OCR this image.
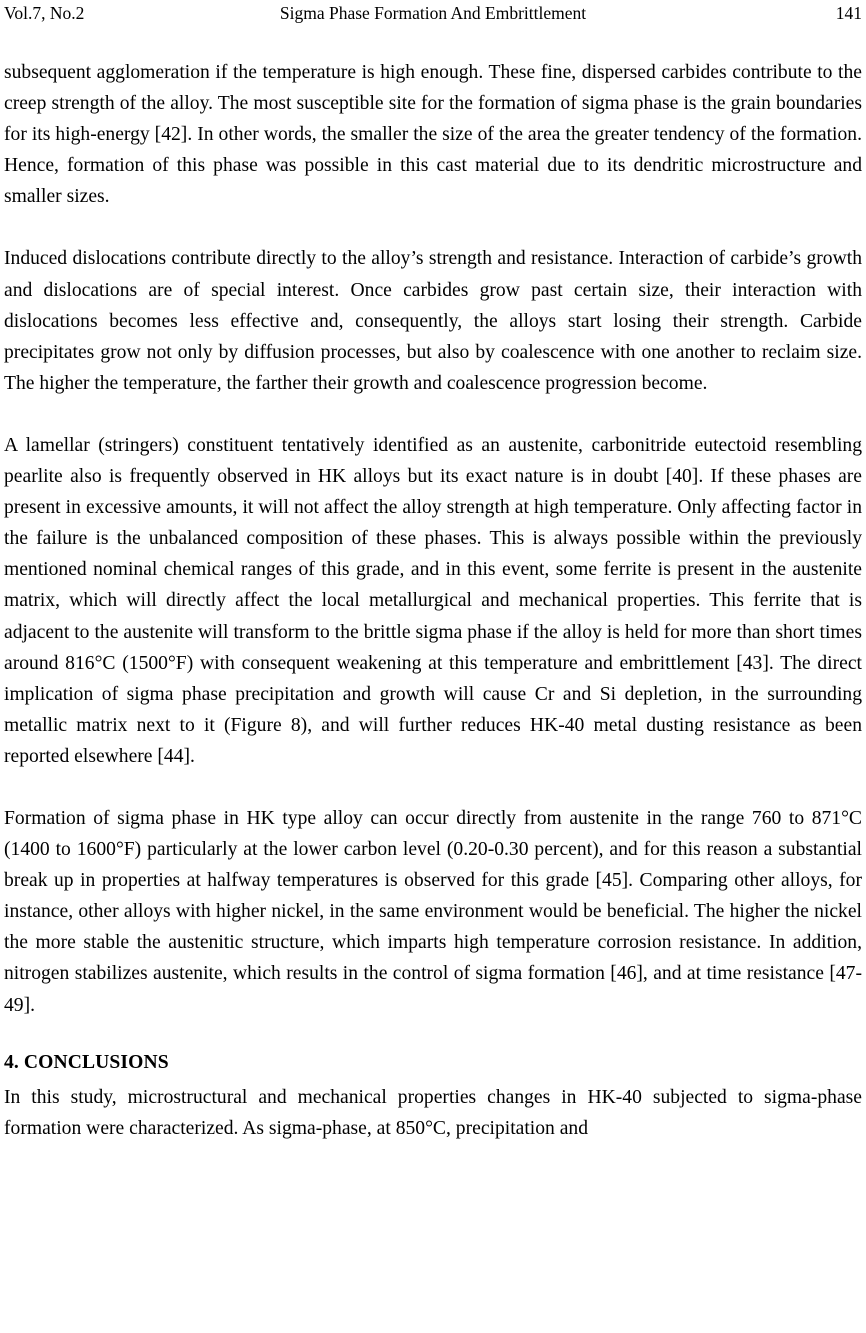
Vol.7, No.2	Sigma Phase Formation And Embrittlement	141

subsequent agglomeration if the temperature is high enough. These fine, dispersed carbides contribute to the creep strength of the alloy. The most susceptible site for the formation of sigma phase is the grain boundaries for its high-energy [42]. In other words, the smaller the size of the area the greater tendency of the formation. Hence, formation of this phase was possible in this cast material due to its dendritic microstructure and smaller sizes.

Induced dislocations contribute directly to the alloy’s strength and resistance. Interaction of carbide’s growth and dislocations are of special interest. Once carbides grow past certain size, their interaction with dislocations becomes less effective and, consequently, the alloys start losing their strength. Carbide precipitates grow not only by diffusion processes, but also by coalescence with one another to reclaim size. The higher the temperature, the farther their growth and coalescence progression become.

A lamellar (stringers) constituent tentatively identified as an austenite, carbonitride eutectoid resembling pearlite also is frequently observed in HK alloys but its exact nature is in doubt [40]. If these phases are present in excessive amounts, it will not affect the alloy strength at high temperature. Only affecting factor in the failure is the unbalanced composition of these phases. This is always possible within the previously mentioned nominal chemical ranges of this grade, and in this event, some ferrite is present in the austenite matrix, which will directly affect the local metallurgical and mechanical properties. This ferrite that is adjacent to the austenite will transform to the brittle sigma phase if the alloy is held for more than short times around 816°C (1500°F) with consequent weakening at this temperature and embrittlement [43]. The direct implication of sigma phase precipitation and growth will cause Cr and Si depletion, in the surrounding metallic matrix next to it (Figure 8), and will further reduces HK-40 metal dusting resistance as been reported elsewhere [44].

Formation of sigma phase in HK type alloy can occur directly from austenite in the range 760 to 871°C (1400 to 1600°F) particularly at the lower carbon level (0.20-0.30 percent), and for this reason a substantial break up in properties at halfway temperatures is observed for this grade [45]. Comparing other alloys, for instance, other alloys with higher nickel, in the same environment would be beneficial. The higher the nickel the more stable the austenitic structure, which imparts high temperature corrosion resistance. In addition, nitrogen stabilizes austenite, which results in the control of sigma formation [46], and at time resistance [47-49].

4. CONCLUSIONS

In this study, microstructural and mechanical properties changes in HK-40 subjected to sigma-phase formation were characterized. As sigma-phase, at 850°C, precipitation and
